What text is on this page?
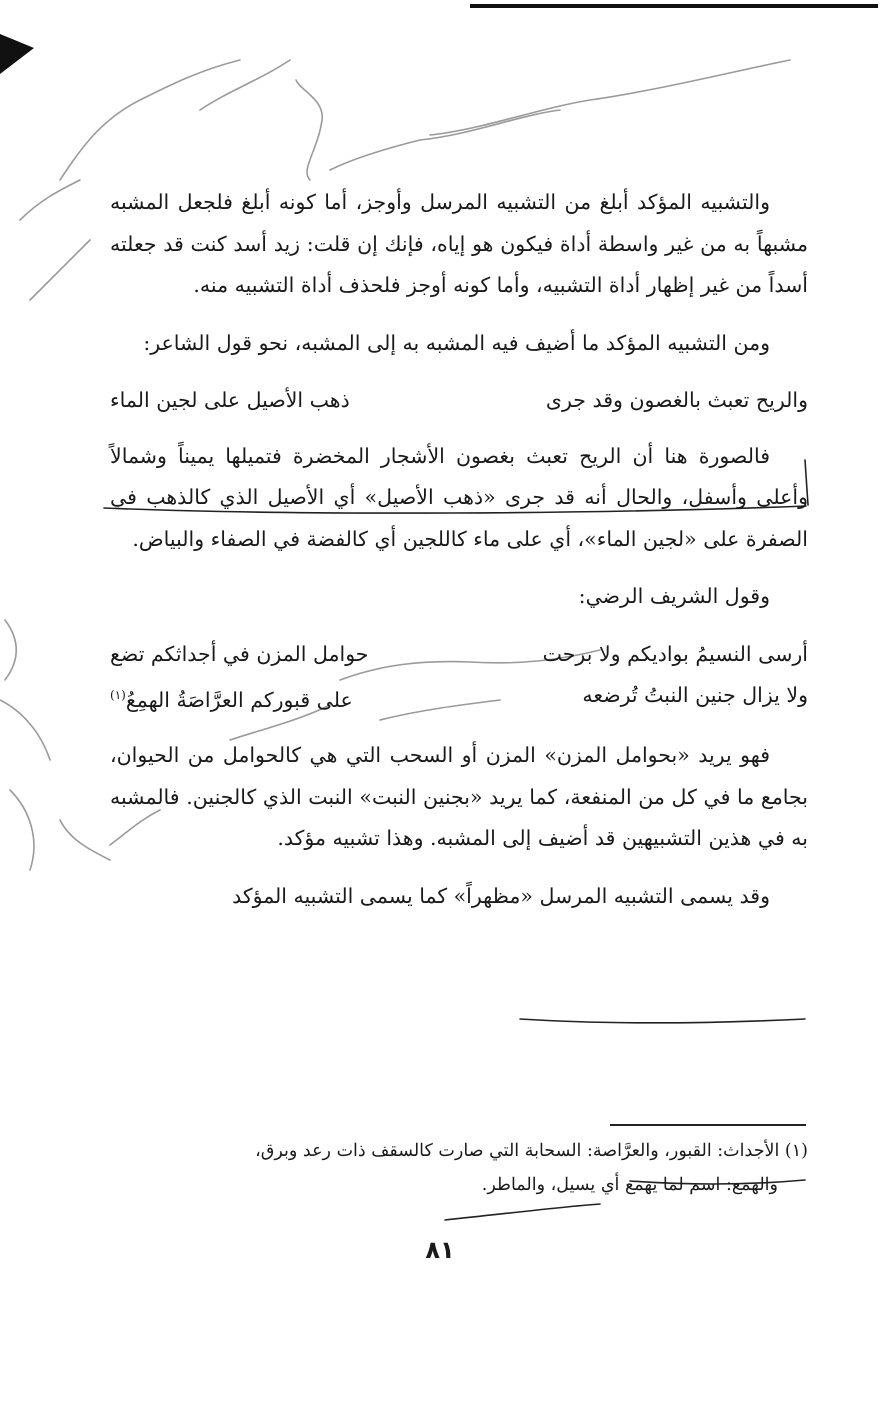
والتشبيه المؤكد أبلغ من التشبيه المرسل وأوجز، أما كونه أبلغ فلجعل المشبه مشبهاً به من غير واسطة أداة فيكون هو إياه، فإنك إن قلت: زيد أسد كنت قد جعلته أسداً من غير إظهار أداة التشبيه، وأما كونه أوجز فلحذف أداة التشبيه منه.

ومن التشبيه المؤكد ما أضيف فيه المشبه به إلى المشبه، نحو قول الشاعر:

والريح تعبث بالغصون وقد جرى
ذهب الأصيل على لجين الماء

فالصورة هنا أن الريح تعبث بغصون الأشجار المخضرة فتميلها يميناً وشمالاً وأعلى وأسفل، والحال أنه قد جرى «ذهب الأصيل» أي الأصيل الذي كالذهب في الصفرة على «لجين الماء»، أي على ماء كاللجين أي كالفضة في الصفاء والبياض.

وقول الشريف الرضي:

أرسى النسيمُ بواديكم ولا برحت
حوامل المزن في أجداثكم تضع
ولا يزال جنين النبتُ تُرضعه
على قبوركم العرَّاصَةُ الهمِعُ$^{(١)}$

فهو يريد «بحوامل المزن» المزن أو السحب التي هي كالحوامل من الحيوان، بجامع ما في كل من المنفعة، كما يريد «بجنين النبت» النبت الذي كالجنين. فالمشبه به في هذين التشبيهين قد أضيف إلى المشبه. وهذا تشبيه مؤكد.

وقد يسمى التشبيه المرسل «مظهراً» كما يسمى التشبيه المؤكد

(١) الأجداث: القبور، والعرَّاصة: السحابة التي صارت كالسقف ذات رعد وبرق،

والهمع: اسم لما يهمع أي يسيل، والماطر.

٨١
